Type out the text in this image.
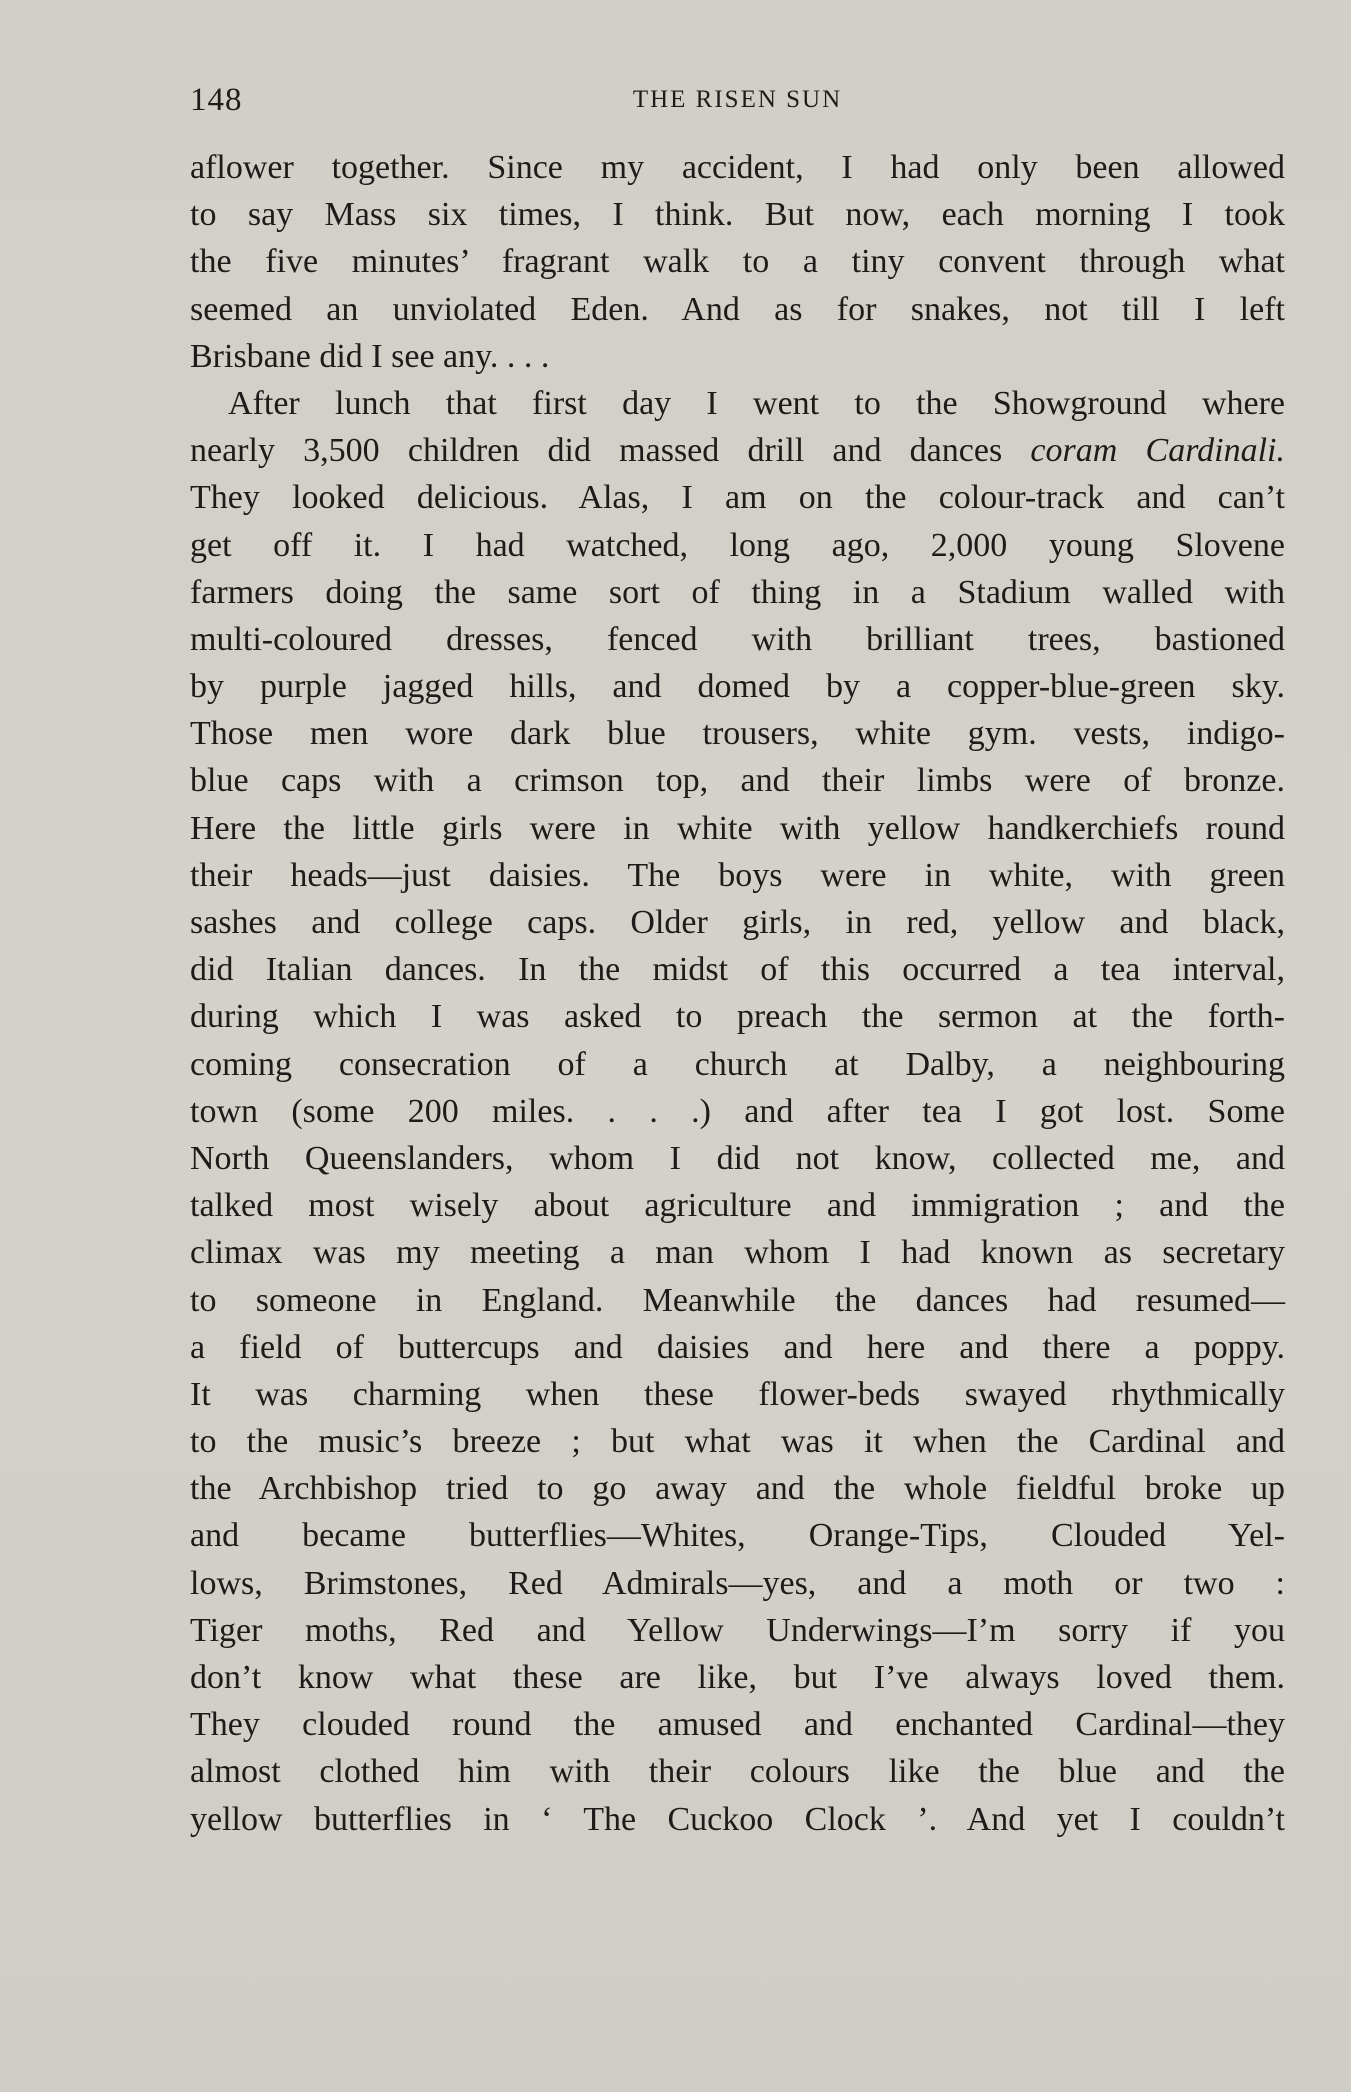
148	THE RISEN SUN
aflower together. Since my accident, I had only been allowed
to say Mass six times, I think. But now, each morning I took
the five minutes’ fragrant walk to a tiny convent through what
seemed an unviolated Eden. And as for snakes, not till I left
Brisbane did I see any. . . .
After lunch that first day I went to the Showground where
nearly 3,500 children did massed drill and dances coram Cardinali.
They looked delicious. Alas, I am on the colour-track and can’t
get off it. I had watched, long ago, 2,000 young Slovene
farmers doing the same sort of thing in a Stadium walled with
multi-coloured dresses, fenced with brilliant trees, bastioned
by purple jagged hills, and domed by a copper-blue-green sky.
Those men wore dark blue trousers, white gym. vests, indigo-
blue caps with a crimson top, and their limbs were of bronze.
Here the little girls were in white with yellow handkerchiefs round
their heads—just daisies. The boys were in white, with green
sashes and college caps. Older girls, in red, yellow and black,
did Italian dances. In the midst of this occurred a tea interval,
during which I was asked to preach the sermon at the forth-
coming consecration of a church at Dalby, a neighbouring
town (some 200 miles. . . .) and after tea I got lost. Some
North Queenslanders, whom I did not know, collected me, and
talked most wisely about agriculture and immigration ; and the
climax was my meeting a man whom I had known as secretary
to someone in England. Meanwhile the dances had resumed—
a field of buttercups and daisies and here and there a poppy.
It was charming when these flower-beds swayed rhythmically
to the music’s breeze ; but what was it when the Cardinal and
the Archbishop tried to go away and the whole fieldful broke up
and became butterflies—Whites, Orange-Tips, Clouded Yel-
lows, Brimstones, Red Admirals—yes, and a moth or two :
Tiger moths, Red and Yellow Underwings—I’m sorry if you
don’t know what these are like, but I’ve always loved them.
They clouded round the amused and enchanted Cardinal—they
almost clothed him with their colours like the blue and the
yellow butterflies in ‘ The Cuckoo Clock ’. And yet I couldn’t
